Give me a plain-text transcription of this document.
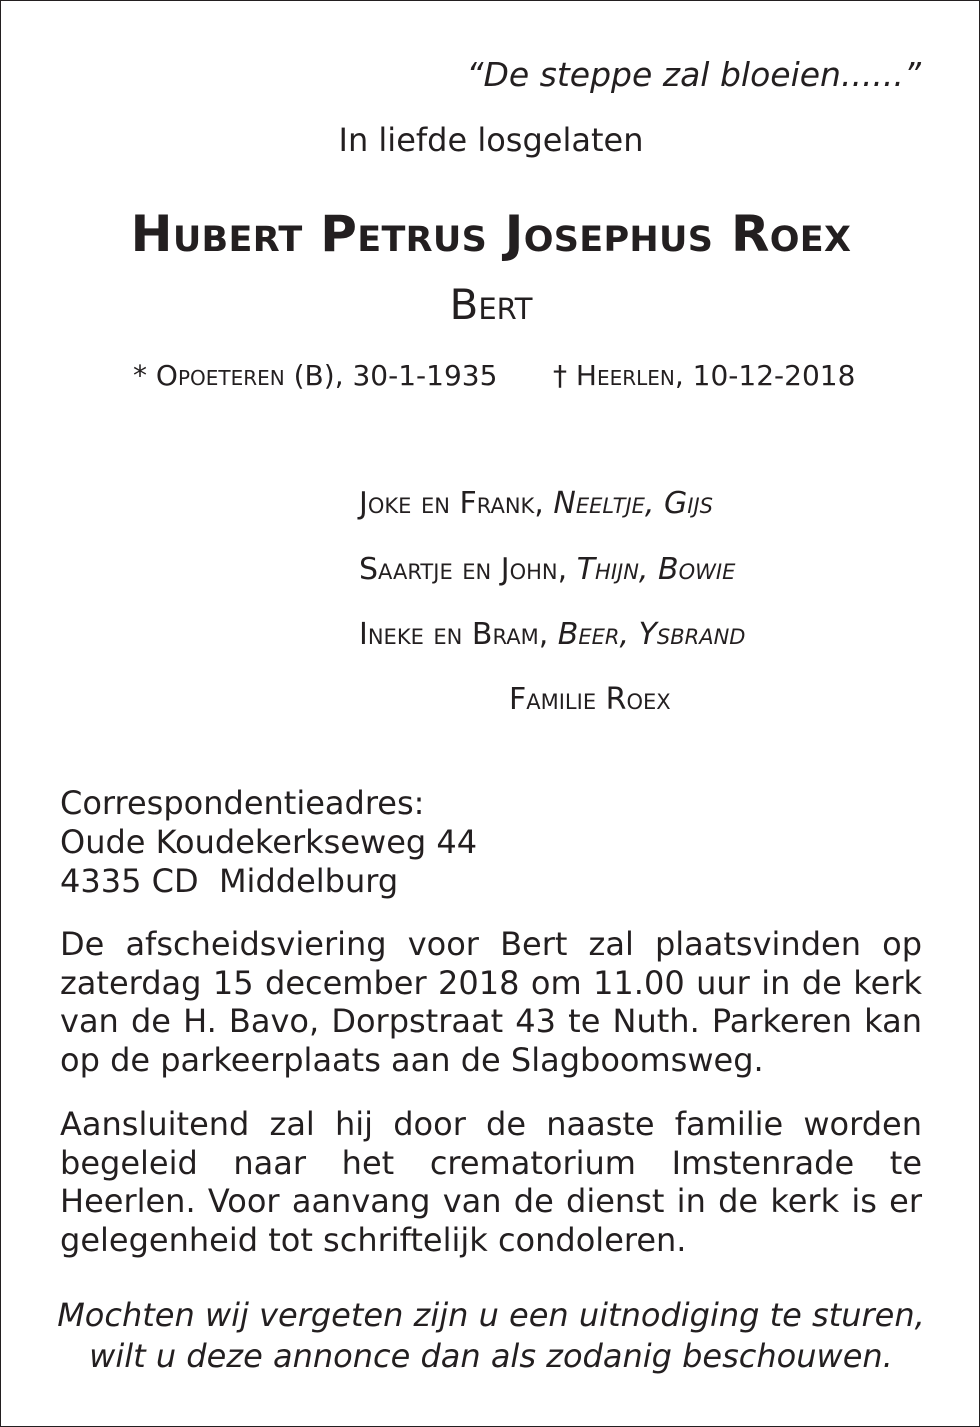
“De steppe zal bloeien......”
In liefde losgelaten
Hubert Petrus Josephus Roex
Bert
* Opoeteren (B), 30-1-1935 † Heerlen, 10-12-2018
Joke en Frank, Neeltje, Gijs
Saartje en John, Thijn, Bowie
Ineke en Bram, Beer, Ysbrand
Familie Roex
Correspondentieadres:
Oude Koudekerkseweg 44
4335 CD  Middelburg
De afscheidsviering voor Bert zal plaatsvinden op zaterdag 15 december 2018 om 11.00 uur in de kerk van de H. Bavo, Dorpstraat 43 te Nuth. Parkeren kan op de parkeerplaats aan de Slagboomsweg.
Aansluitend zal hij door de naaste familie worden begeleid naar het crematorium Imstenrade te Heerlen. Voor aanvang van de dienst in de kerk is er gelegenheid tot schriftelijk condoleren.
Mochten wij vergeten zijn u een uitnodiging te sturen,
wilt u deze annonce dan als zodanig beschouwen.
